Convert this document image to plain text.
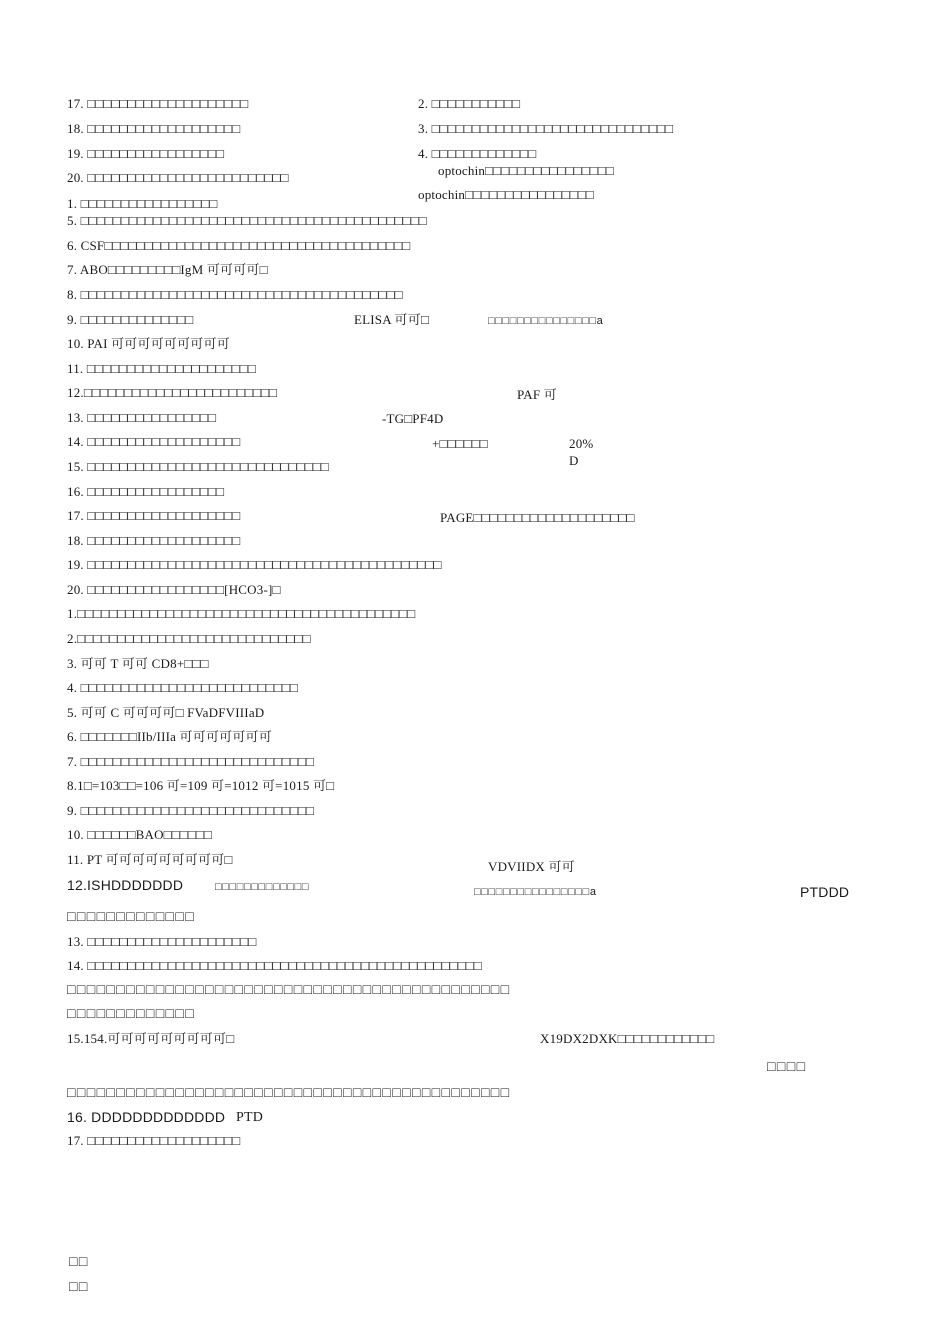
17. □□□□□□□□□□□□□□□□□□□□	2. □□□□□□□□□□□
18. □□□□□□□□□□□□□□□□□□□	3. □□□□□□□□□□□□□□□□□□□□□□□□□□□□□□
19. □□□□□□□□□□□□□□□□□	4. □□□□□□□□□□□□□
optochin□□□□□□□□□□□□□□□□
20. □□□□□□□□□□□□□□□□□□□□□□□□□
optochin□□□□□□□□□□□□□□□□
1. □□□□□□□□□□□□□□□□□
5. □□□□□□□□□□□□□□□□□□□□□□□□□□□□□□□□□□□□□□□□□□□
6. CSF□□□□□□□□□□□□□□□□□□□□□□□□□□□□□□□□□□□□□□
7. ABO□□□□□□□□□IgM 可可可可□
8. □□□□□□□□□□□□□□□□□□□□□□□□□□□□□□□□□□□□□□□□
9. □□□□□□□□□□□□□□	ELISA 可可□	□□□□□□□□□□□□□□□a
10. PAI 可可可可可可可可可
11. □□□□□□□□□□□□□□□□□□□□□
12.□□□□□□□□□□□□□□□□□□□□□□□□	PAF 可
13. □□□□□□□□□□□□□□□□	-TG□PF4D
14. □□□□□□□□□□□□□□□□□□□	+□□□□□□	20%
15. □□□□□□□□□□□□□□□□□□□□□□□□□□□□□□	D
16. □□□□□□□□□□□□□□□□□
17. □□□□□□□□□□□□□□□□□□□	PAGE□□□□□□□□□□□□□□□□□□□□
18. □□□□□□□□□□□□□□□□□□□
19. □□□□□□□□□□□□□□□□□□□□□□□□□□□□□□□□□□□□□□□□□□□□
20. □□□□□□□□□□□□□□□□□[HCO3-]□
1.□□□□□□□□□□□□□□□□□□□□□□□□□□□□□□□□□□□□□□□□□□
2.□□□□□□□□□□□□□□□□□□□□□□□□□□□□□
3. 可可 T 可可 CD8+□□□
4. □□□□□□□□□□□□□□□□□□□□□□□□□□□
5. 可可 C 可可可可□ FVaDFVIIIaD
6. □□□□□□□IIb/IIIa 可可可可可可可
7. □□□□□□□□□□□□□□□□□□□□□□□□□□□□□
8.1□=103□□=106 可=109 可=1012 可=1015 可□
9. □□□□□□□□□□□□□□□□□□□□□□□□□□□□□
10. □□□□□□BAO□□□□□□
11. PT 可可可可可可可可可□	VDVIIDX 可可
12.ISHDDDDDDD	□□□□□□□□□□□□□	□□□□□□□□□□□□□□□□a	PTDDD
□□□□□□□□□□□□□
13. □□□□□□□□□□□□□□□□□□□□□
14. □□□□□□□□□□□□□□□□□□□□□□□□□□□□□□□□□□□□□□□□□□□□□□□□□
□□□□□□□□□□□□□□□□□□□□□□□□□□□□□□□□□□□□□□□□□□□□□
□□□□□□□□□□□□□
15.154.可可可可可可可可可□	X19DX2DXK□□□□□□□□□□□□
□□□□
□□□□□□□□□□□□□□□□□□□□□□□□□□□□□□□□□□□□□□□□□□□□□
16. DDDDDDDDDDDDD PTD
17. □□□□□□□□□□□□□□□□□□□
□□
□□
